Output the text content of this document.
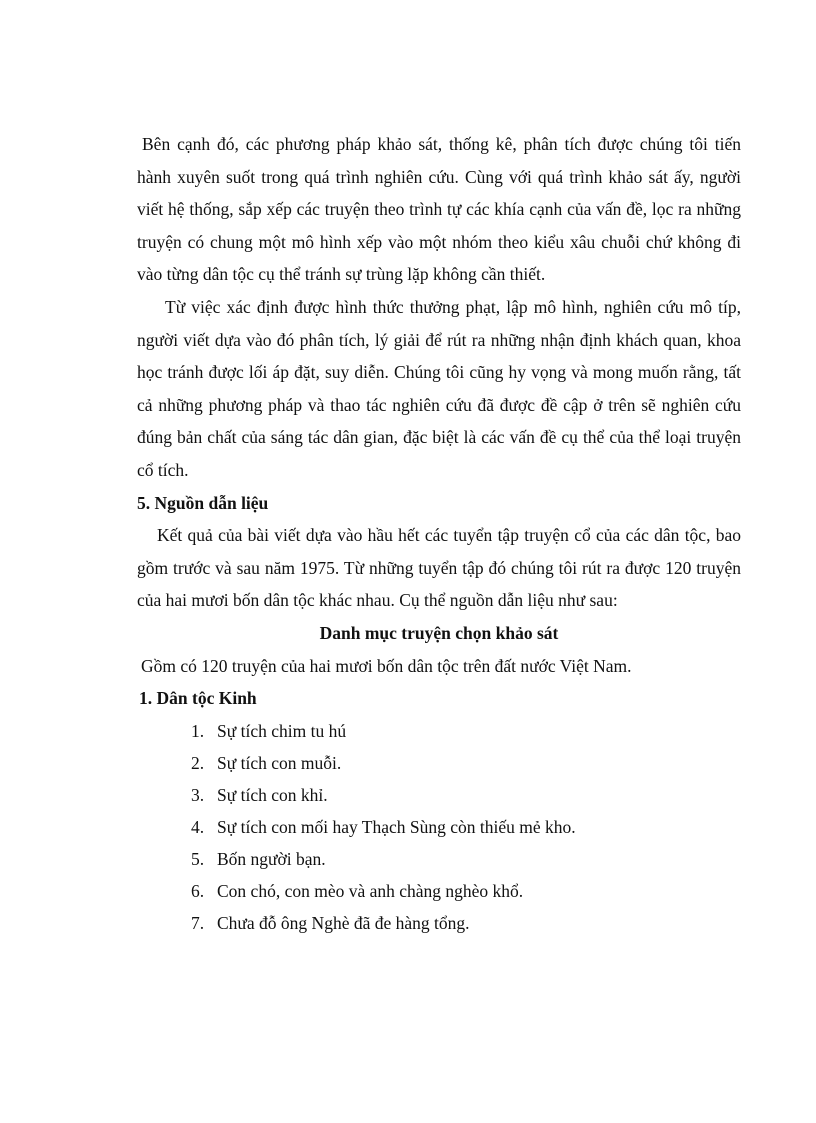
Bên cạnh đó, các phương pháp khảo sát, thống kê, phân tích được chúng tôi tiến hành xuyên suốt trong quá trình nghiên cứu. Cùng với quá trình khảo sát ấy, người viết hệ thống, sắp xếp các truyện theo trình tự các khía cạnh của vấn đề, lọc ra những truyện có chung một mô hình xếp vào một nhóm theo kiểu xâu chuỗi chứ không đi vào từng dân tộc cụ thể tránh sự trùng lặp không cần thiết.

Từ việc xác định được hình thức thưởng phạt, lập mô hình, nghiên cứu mô típ, người viết dựa vào đó phân tích, lý giải để rút ra những nhận định khách quan, khoa học tránh được lối áp đặt, suy diễn. Chúng tôi cũng hy vọng và mong muốn rằng, tất cả những phương pháp và thao tác nghiên cứu đã được đề cập ở trên sẽ nghiên cứu đúng bản chất của sáng tác dân gian, đặc biệt là các vấn đề cụ thể của thể loại truyện cổ tích.

5. Nguồn dẫn liệu

Kết quả của bài viết dựa vào hầu hết các tuyển tập truyện cổ của các dân tộc, bao gồm trước và sau năm 1975. Từ những tuyển tập đó chúng tôi rút ra được 120 truyện của hai mươi bốn dân tộc khác nhau. Cụ thể nguồn dẫn liệu như sau:

Danh mục truyện chọn khảo sát

Gồm có 120 truyện của hai mươi bốn dân tộc trên đất nước Việt Nam.

1. Dân tộc Kinh

1. Sự tích chim tu hú
2. Sự tích con muỗi.
3. Sự tích con khỉ.
4. Sự tích con mối hay Thạch Sùng còn thiếu mẻ kho.
5. Bốn người bạn.
6. Con chó, con mèo và anh chàng nghèo khổ.
7. Chưa đỗ ông Nghè đã đe hàng tổng.
